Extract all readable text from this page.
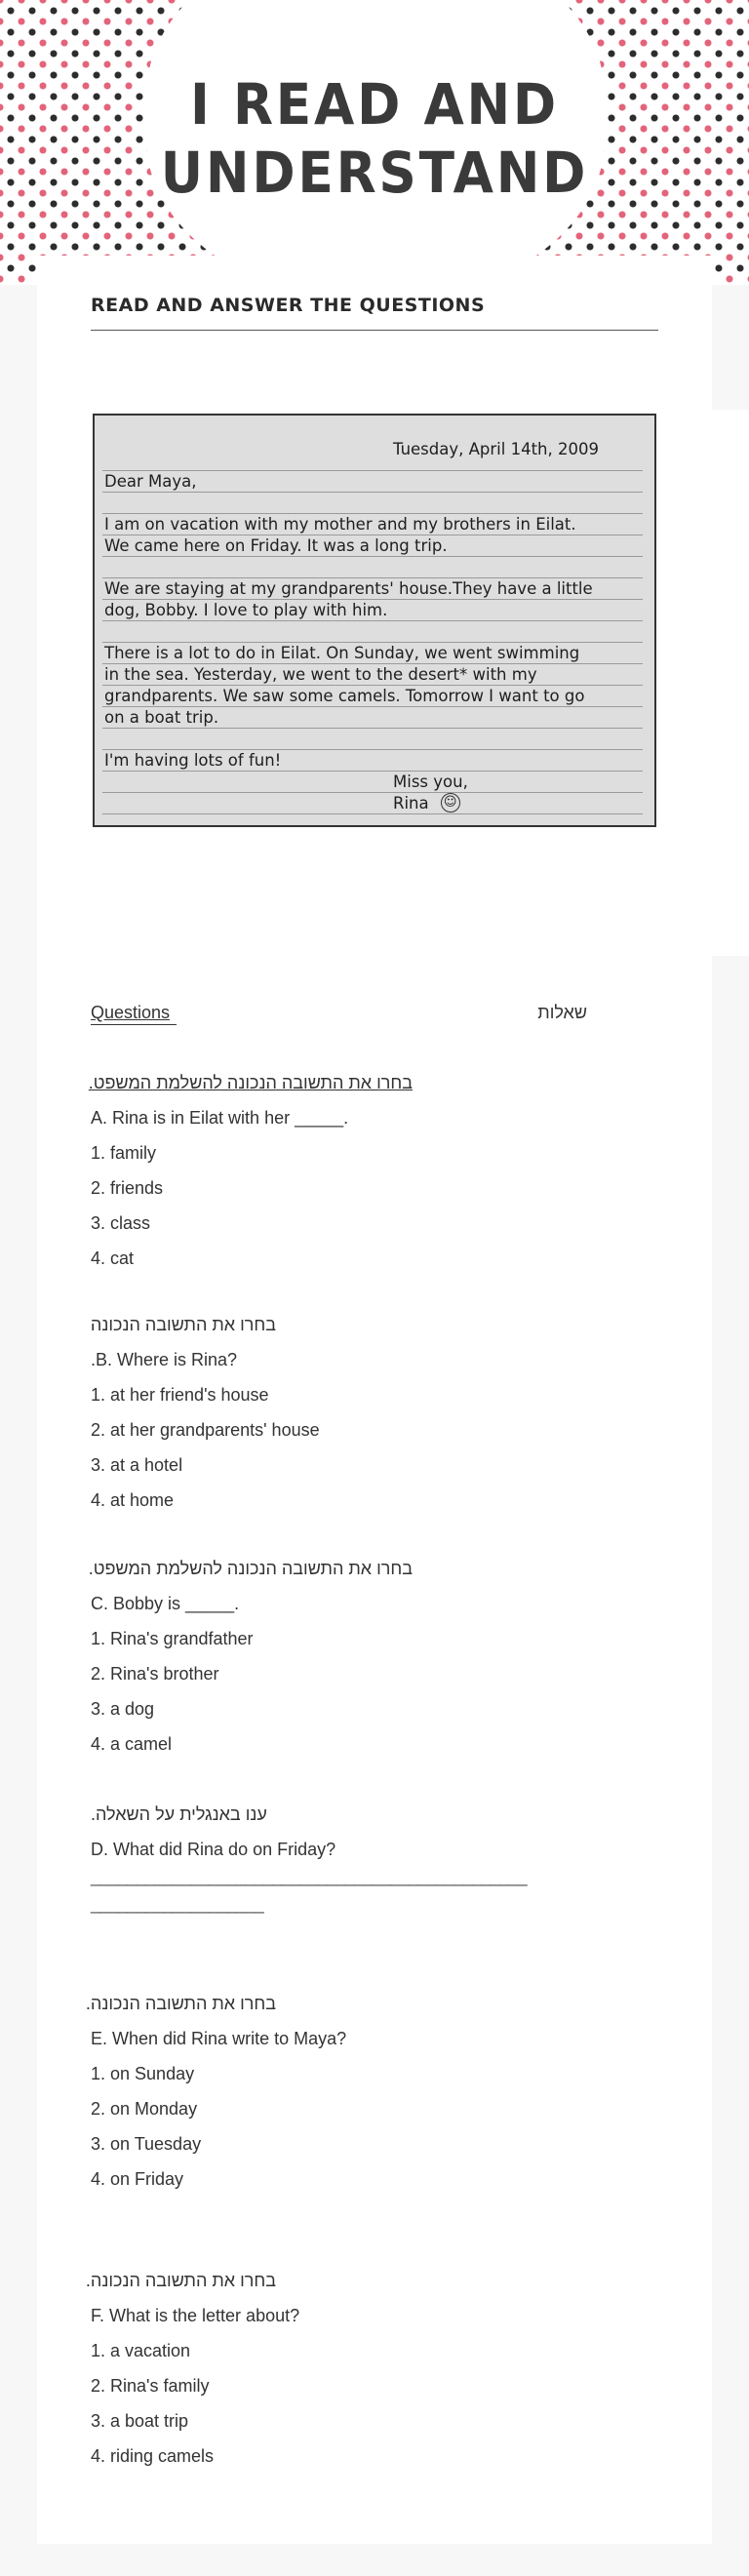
I READ AND
UNDERSTAND
READ AND ANSWER THE QUESTIONS
Tuesday, April 14th, 2009
Dear Maya,
I am on vacation with my mother and my brothers in Eilat.
We came here on Friday. It was a long trip.
We are staying at my grandparents' house.They have a little
dog, Bobby. I love to play with him.
There is a lot to do in Eilat. On Sunday, we went swimming
in the sea. Yesterday, we went to the desert* with my
grandparents. We saw some camels. Tomorrow I want to go
on a boat trip.
I'm having lots of fun!
Miss you,
Rina ☺
Questions	שאלות
בחרו את התשובה הנכונה להשלמת המשפט.
A. Rina is in Eilat with her _____.
1. family
2. friends
3. class
4. cat
בחרו את התשובה הנכונה
.B. Where is Rina?
1. at her friend's house
2. at her grandparents' house
3. at a hotel
4. at home
בחרו את התשובה הנכונה להשלמת המשפט.
C. Bobby is _____.
1. Rina's grandfather
2. Rina's brother
3. a dog
4. a camel
ענו באנגלית על השאלה.
D. What did Rina do on Friday?
________________________________________________
___________________
בחרו את התשובה הנכונה.
E. When did Rina write to Maya?
1. on Sunday
2. on Monday
3. on Tuesday
4. on Friday
בחרו את התשובה הנכונה.
F. What is the letter about?
1. a vacation
2. Rina's family
3. a boat trip
4. riding camels
